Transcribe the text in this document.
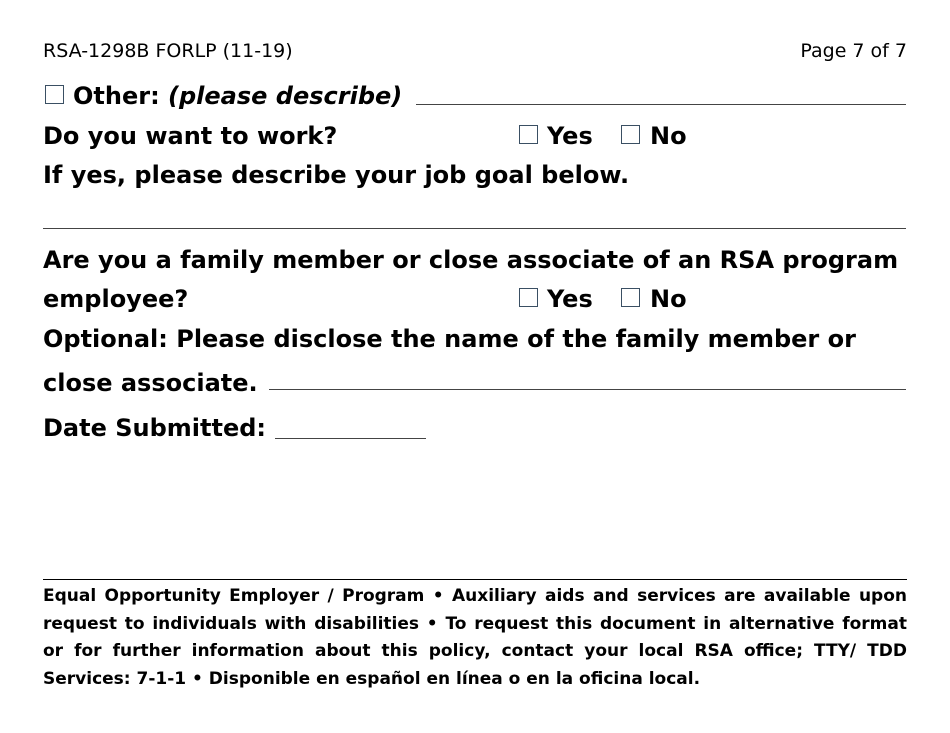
RSA-1298B FORLP (11-19)	Page 7 of 7
Other: (please describe)
Do you want to work?	Yes No
If yes, please describe your job goal below.
Are you a family member or close associate of an RSA program
employee?	Yes No
Optional: Please disclose the name of the family member or
close associate.
Date Submitted:
Equal Opportunity Employer / Program • Auxiliary aids and services are available upon request to individuals with disabilities • To request this document in alternative format or for further information about this policy, contact your local RSA office; TTY/ TDD Services: 7-1-1 • Disponible en español en línea o en la oficina local.
